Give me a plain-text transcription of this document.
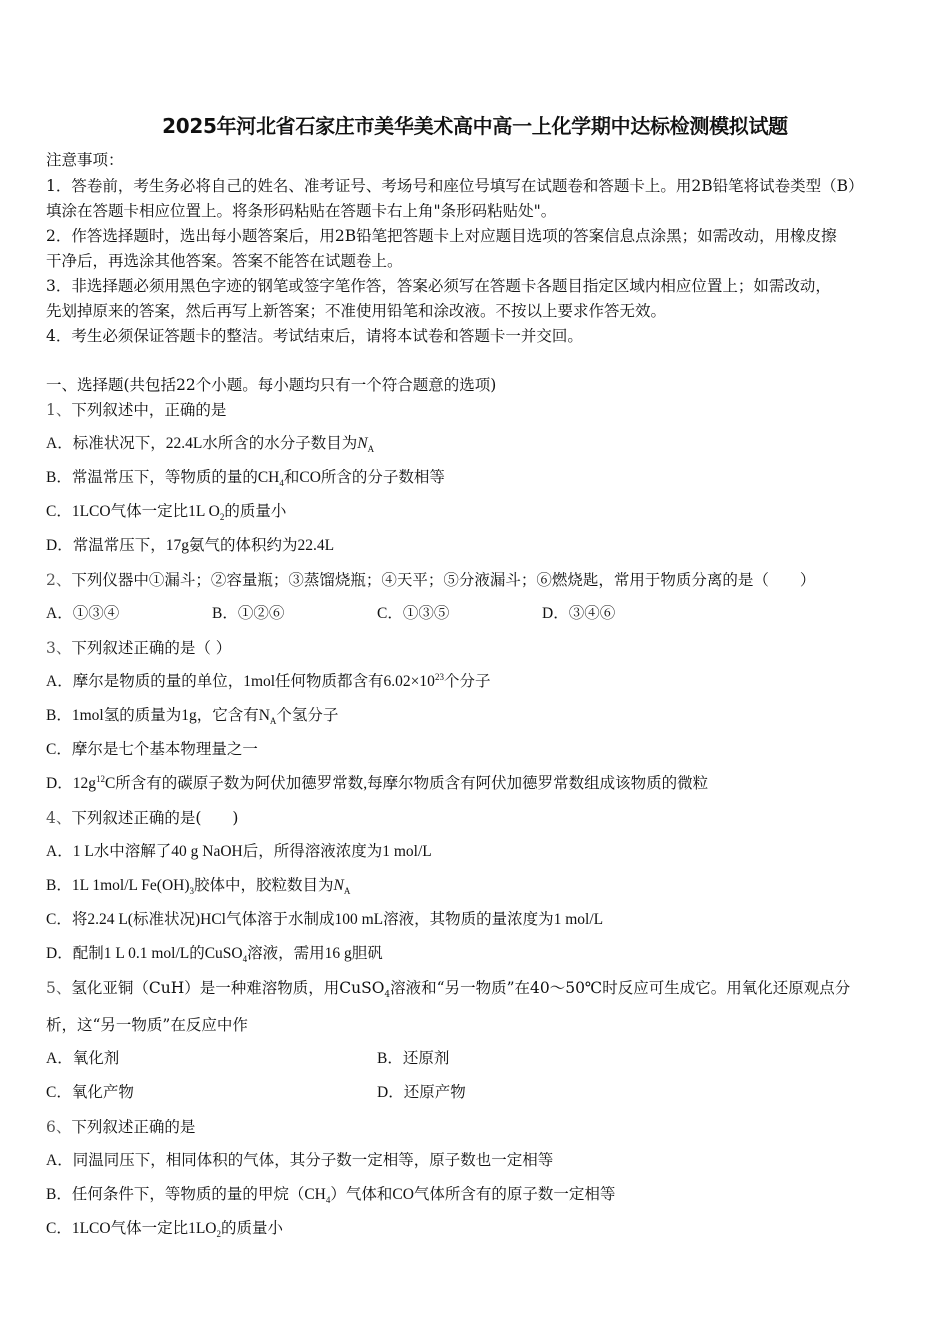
2025年河北省石家庄市美华美术高中高一上化学期中达标检测模拟试题
注意事项：
1．答卷前，考生务必将自己的姓名、准考证号、考场号和座位号填写在试题卷和答题卡上。用2B铅笔将试卷类型（B）
填涂在答题卡相应位置上。将条形码粘贴在答题卡右上角"条形码粘贴处"。
2．作答选择题时，选出每小题答案后，用2B铅笔把答题卡上对应题目选项的答案信息点涂黑；如需改动，用橡皮擦
干净后，再选涂其他答案。答案不能答在试题卷上。
3．非选择题必须用黑色字迹的钢笔或签字笔作答，答案必须写在答题卡各题目指定区域内相应位置上；如需改动，
先划掉原来的答案，然后再写上新答案；不准使用铅笔和涂改液。不按以上要求作答无效。
4．考生必须保证答题卡的整洁。考试结束后，请将本试卷和答题卡一并交回。
一、选择题(共包括22个小题。每小题均只有一个符合题意的选项)
1、下列叙述中，正确的是
A．标准状况下，22.4L水所含的水分子数目为$N_A$
B．常温常压下，等物质的量的$CH_4$和CO所含的分子数相等
C．1LCO气体一定比1L $O_2$的质量小
D．常温常压下，17g氨气的体积约为22.4L
2、下列仪器中①漏斗；②容量瓶；③蒸馏烧瓶；④天平；⑤分液漏斗；⑥燃烧匙，常用于物质分离的是（　　）
A．①③④	B．①②⑥	C．①③⑤	D．③④⑥
3、下列叙述正确的是（ ）
A．摩尔是物质的量的单位，1mol任何物质都含有$6.02\times 10^{23}$个分子
B．1mol氢的质量为1g，它含有$N_A$个氢分子
C．摩尔是七个基本物理量之一
D．$12g^{12}C$所含有的碳原子数为阿伏加德罗常数,每摩尔物质含有阿伏加德罗常数组成该物质的微粒
4、下列叙述正确的是(　　)
A．1 L水中溶解了40 g NaOH后，所得溶液浓度为1 mol/L
B．1L 1mol/L $Fe(OH)_3$胶体中，胶粒数目为$N_A$
C．将2.24 L(标准状况)HCl气体溶于水制成100 mL溶液，其物质的量浓度为1 mol/L
D．配制1 L 0.1 mol/L的CuSO$_4$溶液，需用16 g胆矾
5、氢化亚铜（CuH）是一种难溶物质，用CuSO$_4$溶液和“另一物质”在40～50℃时反应可生成它。用氧化还原观点分
析，这“另一物质”在反应中作
A．氧化剂	B．还原剂
C．氧化产物	D．还原产物
6、下列叙述正确的是
A．同温同压下，相同体积的气体，其分子数一定相等，原子数也一定相等
B．任何条件下，等物质的量的甲烷$(CH_4)$气体和CO气体所含有的原子数一定相等
C．1LCO气体一定比$1LO_2$的质量小
